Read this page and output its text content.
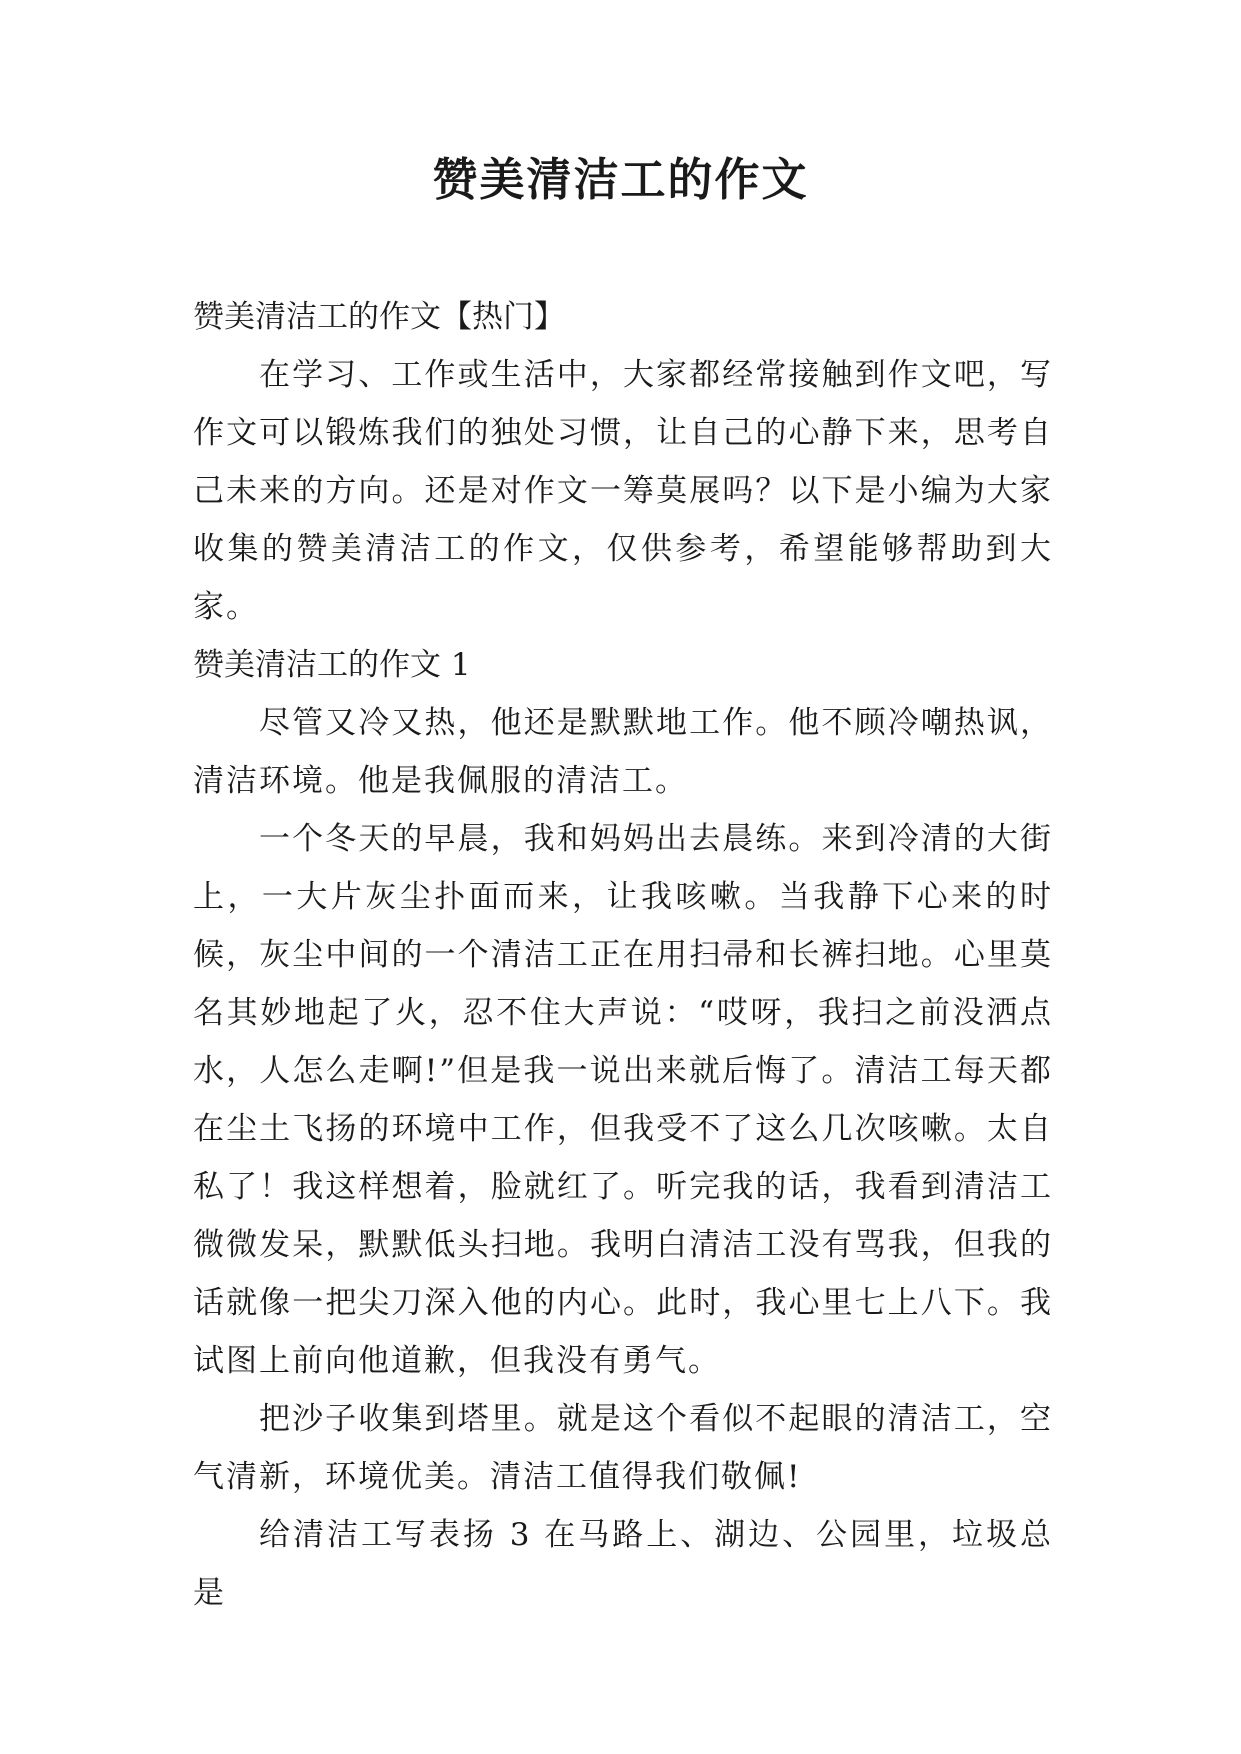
赞美清洁工的作文

赞美清洁工的作文【热门】

在学习、工作或生活中，大家都经常接触到作文吧，写作文可以锻炼我们的独处习惯，让自己的心静下来，思考自己未来的方向。还是对作文一筹莫展吗？以下是小编为大家收集的赞美清洁工的作文，仅供参考，希望能够帮助到大家。

赞美清洁工的作文 1

尽管又冷又热，他还是默默地工作。他不顾冷嘲热讽，清洁环境。他是我佩服的清洁工。

一个冬天的早晨，我和妈妈出去晨练。来到冷清的大街上，一大片灰尘扑面而来，让我咳嗽。当我静下心来的时候，灰尘中间的一个清洁工正在用扫帚和长裤扫地。心里莫名其妙地起了火，忍不住大声说：“哎呀，我扫之前没洒点水，人怎么走啊!”但是我一说出来就后悔了。清洁工每天都在尘土飞扬的环境中工作，但我受不了这么几次咳嗽。太自私了！我这样想着，脸就红了。听完我的话，我看到清洁工微微发呆，默默低头扫地。我明白清洁工没有骂我，但我的话就像一把尖刀深入他的内心。此时，我心里七上八下。我试图上前向他道歉，但我没有勇气。

把沙子收集到塔里。就是这个看似不起眼的清洁工，空气清新，环境优美。清洁工值得我们敬佩!

给清洁工写表扬 3 在马路上、湖边、公园里，垃圾总是
